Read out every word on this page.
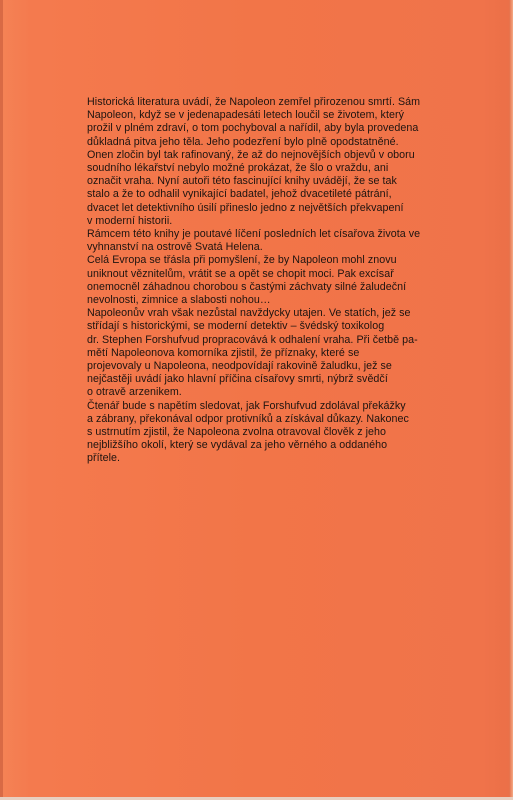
Historická literatura uvádí, že Napoleon zemřel přirozenou smrtí. Sám
Napoleon, když se v jedenapadesáti letech loučil se životem, který
prožil v plném zdraví, o tom pochyboval a nařídil, aby byla provedena
důkladná pitva jeho těla. Jeho podezření bylo plně opodstatněné.
Onen zločin byl tak rafinovaný, že až do nejnovějších objevů v oboru
soudního lékařství nebylo možné prokázat, že šlo o vraždu, ani
označit vraha. Nyní autoři této fascinující knihy uvádějí, že se tak
stalo a že to odhalil vynikající badatel, jehož dvacetileté pátrání,
dvacet let detektivního úsilí přineslo jedno z největších překvapení
v moderní historii.

Rámcem této knihy je poutavé líčení posledních let císařova života ve
vyhnanství na ostrově Svatá Helena.

Celá Evropa se třásla při pomyšlení, že by Napoleon mohl znovu
uniknout věznitelům, vrátit se a opět se chopit moci. Pak excísař
onemocněl záhadnou chorobou s častými záchvaty silné žaludeční
nevolnosti, zimnice a slabosti nohou…

Napoleonův vrah však nezůstal navždycky utajen. Ve statích, jež se
střídají s historickými, se moderní detektiv – švédský toxikolog
dr. Stephen Forshufvud propracovává k odhalení vraha. Při četbě pa-
mětí Napoleonova komorníka zjistil, že příznaky, které se
projevovaly u Napoleona, neodpovídají rakovině žaludku, jež se
nejčastěji uvádí jako hlavní příčina císařovy smrti, nýbrž svědčí
o otravě arzenikem.

Čtenář bude s napětím sledovat, jak Forshufvud zdolával překážky
a zábrany, překonával odpor protivníků a získával důkazy. Nakonec
s ustrnutím zjistil, že Napoleona zvolna otravoval člověk z jeho
nejbližšího okolí, který se vydával za jeho věrného a oddaného
přítele.
